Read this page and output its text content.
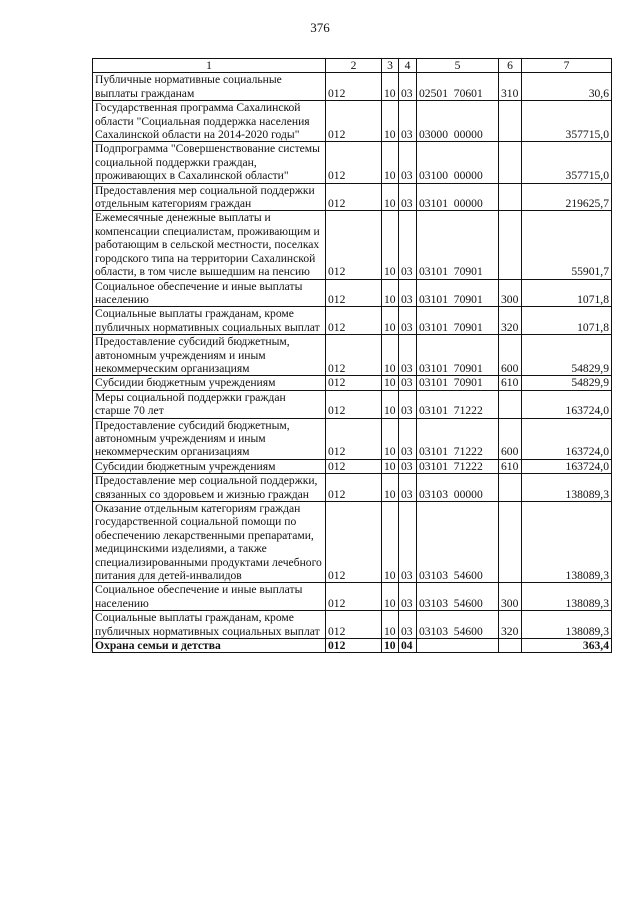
376
1	2	3	4	5	6	7
Публичные нормативные социальные выплаты гражданам	012	10	03	02501  70601	310	30,6
Государственная программа Сахалинской области "Социальная поддержка населения Сахалинской области на 2014-2020 годы"	012	10	03	03000  00000		357715,0
Подпрограмма "Совершенствование системы социальной поддержки граждан, проживающих в Сахалинской области"	012	10	03	03100  00000		357715,0
Предоставления мер социальной поддержки отдельным категориям граждан	012	10	03	03101  00000		219625,7
Ежемесячные денежные выплаты и компенсации специалистам, проживающим и работающим в сельской местности, поселках городского типа на территории Сахалинской области, в том числе вышедшим на пенсию	012	10	03	03101  70901		55901,7
Социальное обеспечение и иные выплаты населению	012	10	03	03101  70901	300	1071,8
Социальные выплаты гражданам, кроме публичных нормативных социальных выплат	012	10	03	03101  70901	320	1071,8
Предоставление субсидий бюджетным, автономным учреждениям и иным некоммерческим организациям	012	10	03	03101  70901	600	54829,9
Субсидии бюджетным учреждениям	012	10	03	03101  70901	610	54829,9
Меры социальной поддержки граждан старше 70 лет	012	10	03	03101  71222		163724,0
Предоставление субсидий бюджетным, автономным учреждениям и иным некоммерческим организациям	012	10	03	03101  71222	600	163724,0
Субсидии бюджетным учреждениям	012	10	03	03101  71222	610	163724,0
Предоставление мер социальной поддержки, связанных со здоровьем и жизнью граждан	012	10	03	03103  00000		138089,3
Оказание отдельным категориям граждан государственной социальной помощи по обеспечению лекарственными препаратами, медицинскими изделиями, а также специализированными продуктами лечебного питания для детей-инвалидов	012	10	03	03103  54600		138089,3
Социальное обеспечение и иные выплаты населению	012	10	03	03103  54600	300	138089,3
Социальные выплаты гражданам, кроме публичных нормативных социальных выплат	012	10	03	03103  54600	320	138089,3
Охрана семьи и детства	012	10	04			363,4
